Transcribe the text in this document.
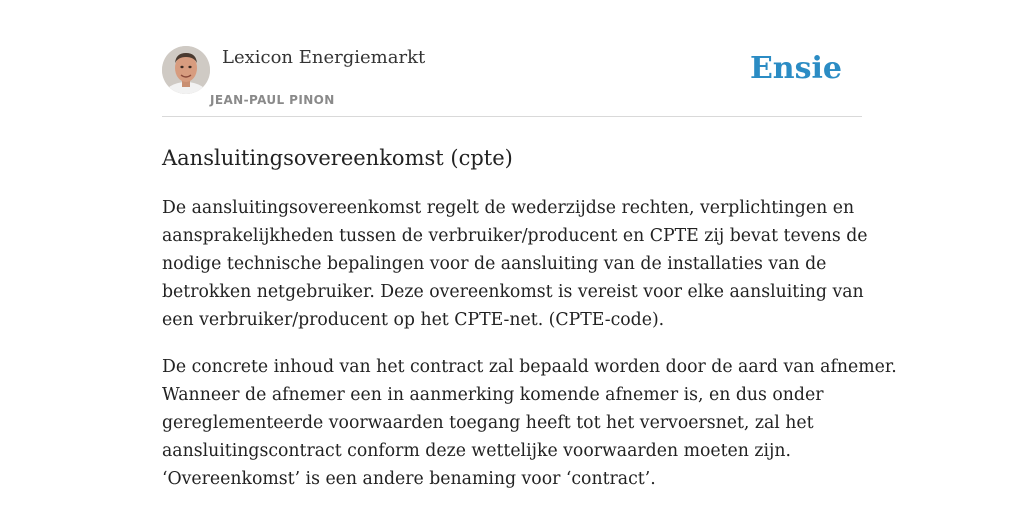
Lexicon Energiemarkt
JEAN-PAUL PINON
Ensie
Aansluitingsovereenkomst (cpte)

De aansluitingsovereenkomst regelt de wederzijdse rechten, verplichtingen en
aansprakelijkheden tussen de verbruiker/producent en CPTE zij bevat tevens de
nodige technische bepalingen voor de aansluiting van de installaties van de
betrokken netgebruiker. Deze overeenkomst is vereist voor elke aansluiting van
een verbruiker/producent op het CPTE-net. (CPTE-code).

De concrete inhoud van het contract zal bepaald worden door de aard van afnemer.
Wanneer de afnemer een in aanmerking komende afnemer is, en dus onder
gereglementeerde voorwaarden toegang heeft tot het vervoersnet, zal het
aansluitingscontract conform deze wettelijke voorwaarden moeten zijn.
‘Overeenkomst’ is een andere benaming voor ‘contract’.
